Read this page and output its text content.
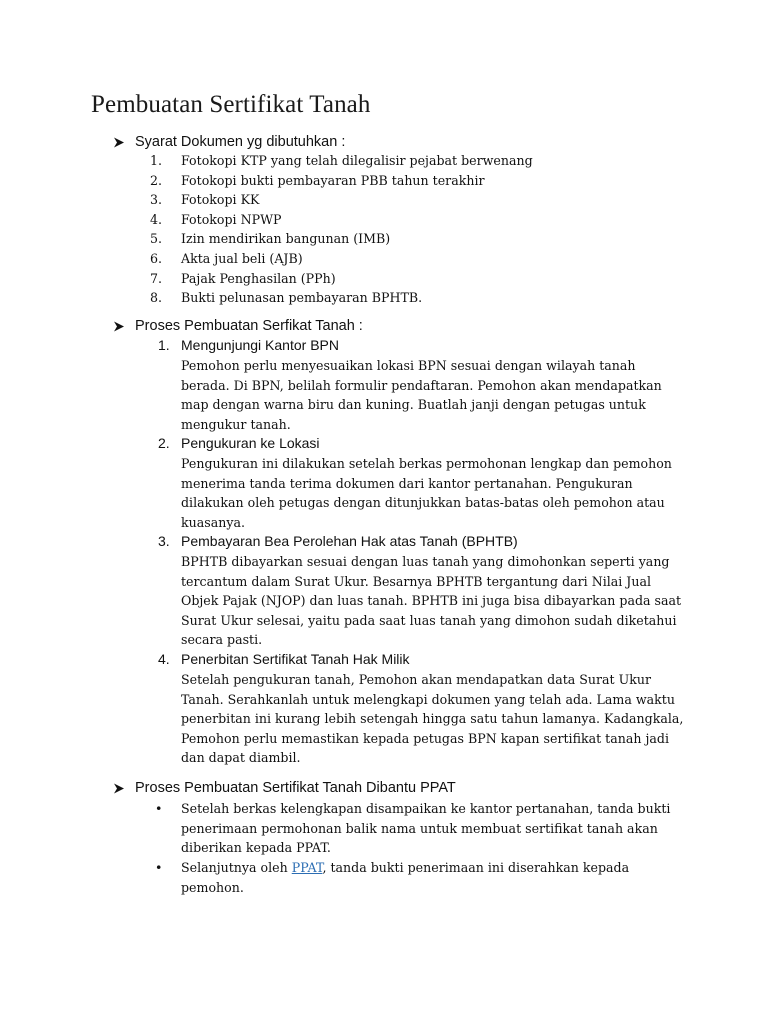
Pembuatan Sertifikat Tanah
Syarat Dokumen yg dibutuhkan :
1. Fotokopi KTP yang telah dilegalisir pejabat berwenang
2. Fotokopi bukti pembayaran PBB tahun terakhir
3. Fotokopi KK
4. Fotokopi NPWP
5. Izin mendirikan bangunan (IMB)
6. Akta jual beli (AJB)
7. Pajak Penghasilan (PPh)
8. Bukti pelunasan pembayaran BPHTB.
Proses Pembuatan Serfikat Tanah :
1. Mengunjungi Kantor BPN
Pemohon perlu menyesuaikan lokasi BPN sesuai dengan wilayah tanah
berada. Di BPN, belilah formulir pendaftaran. Pemohon akan mendapatkan
map dengan warna biru dan kuning. Buatlah janji dengan petugas untuk
mengukur tanah.
2. Pengukuran ke Lokasi
Pengukuran ini dilakukan setelah berkas permohonan lengkap dan pemohon
menerima tanda terima dokumen dari kantor pertanahan. Pengukuran
dilakukan oleh petugas dengan ditunjukkan batas-batas oleh pemohon atau
kuasanya.
3. Pembayaran Bea Perolehan Hak atas Tanah (BPHTB)
BPHTB dibayarkan sesuai dengan luas tanah yang dimohonkan seperti yang
tercantum dalam Surat Ukur. Besarnya BPHTB tergantung dari Nilai Jual
Objek Pajak (NJOP) dan luas tanah. BPHTB ini juga bisa dibayarkan pada saat
Surat Ukur selesai, yaitu pada saat luas tanah yang dimohon sudah diketahui
secara pasti.
4. Penerbitan Sertifikat Tanah Hak Milik
Setelah pengukuran tanah, Pemohon akan mendapatkan data Surat Ukur
Tanah. Serahkanlah untuk melengkapi dokumen yang telah ada. Lama waktu
penerbitan ini kurang lebih setengah hingga satu tahun lamanya. Kadangkala,
Pemohon perlu memastikan kepada petugas BPN kapan sertifikat tanah jadi
dan dapat diambil.
Proses Pembuatan Sertifikat Tanah Dibantu PPAT
•	Setelah berkas kelengkapan disampaikan ke kantor pertanahan, tanda bukti
penerimaan permohonan balik nama untuk membuat sertifikat tanah akan
diberikan kepada PPAT.
•	Selanjutnya oleh PPAT, tanda bukti penerimaan ini diserahkan kepada
pemohon.
